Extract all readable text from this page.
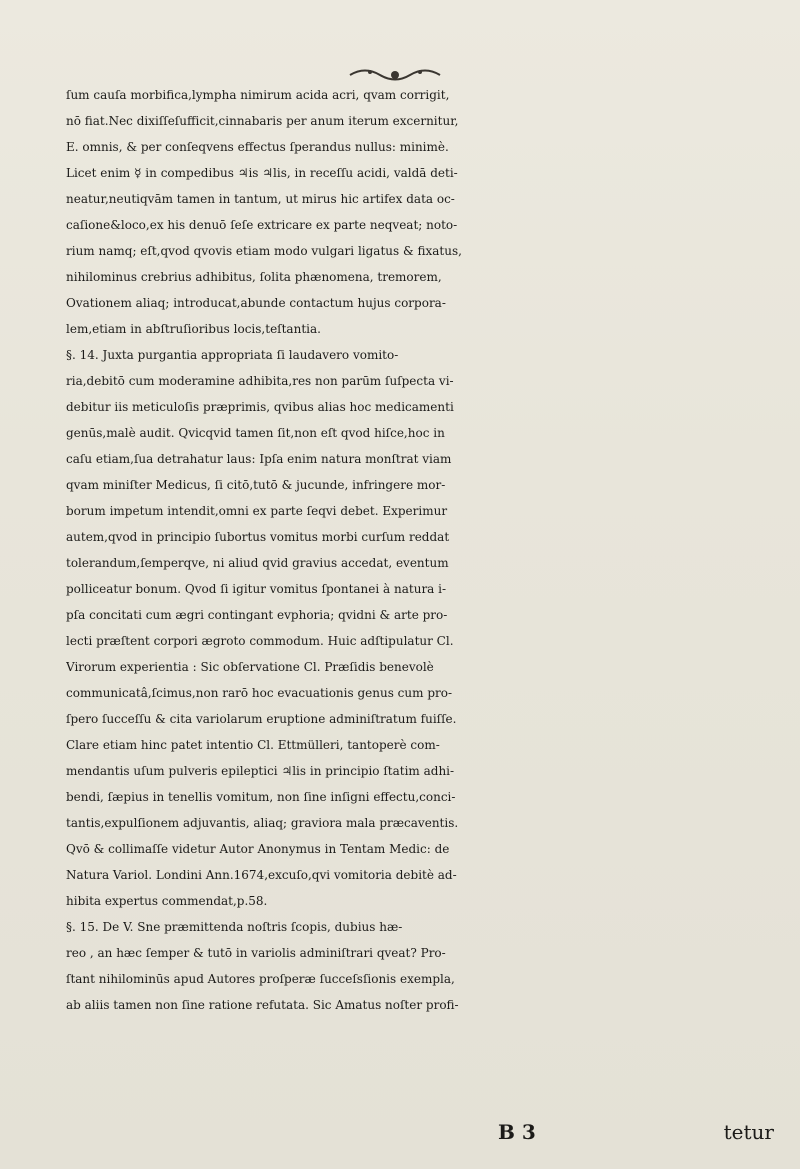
ſum cauſa morbifica,lympha nimirum acida acri, qvam corrigit,
nō fiat.Nec dixiſſeſufficit,cinnabaris per anum iterum excernitur,
E. omnis, & per conſeqvens effectus ſperandus nullus: minimè.
Licet enim ☿ in compedibus ♃is ♃lis, in receſſu acidi, valdā deti-
neatur,neutiqvām tamen in tantum, ut mirus hic artifex data oc-
caſione&loco,ex his denuō ſeſe extricare ex parte neqveat; noto-
rium namq; eſt,qvod qvovis etiam modo vulgari ligatus & fixatus,
nihilominus crebrius adhibitus, ſolita phænomena, tremorem,
Ovationem aliaq; introducat,abunde contactum hujus corpora-
lem,etiam in abſtruſioribus locis,teſtantia.
§. 14. Juxta purgantia appropriata ſi laudavero vomito-
ria,debitō cum moderamine adhibita,res non parūm ſuſpecta vi-
debitur iis meticuloſis præprimis, qvibus alias hoc medicamenti
genūs,malè audit. Qvicqvid tamen ſit,non eſt qvod hiſce,hoc in
caſu etiam,ſua detrahatur laus: Ipſa enim natura monſtrat viam
qvam miniſter Medicus, ſi citō,tutō & jucunde, infringere mor-
borum impetum intendit,omni ex parte ſeqvi debet. Experimur
autem,qvod in principio ſubortus vomitus morbi curſum reddat
tolerandum,ſemperqve, ni aliud qvid gravius accedat, eventum
polliceatur bonum. Qvod ſi igitur vomitus ſpontanei à natura i-
pſa concitati cum ægri contingant evphoria; qvidni & arte pro-
lecti præſtent corpori ægroto commodum. Huic adſtipulatur Cl.
Virorum experientia : Sic obſervatione Cl. Præſidis benevolè
communicatâ,ſcimus,non rarō hoc evacuationis genus cum pro-
ſpero ſucceſſu & cita variolarum eruptione adminiſtratum fuiſſe.
Clare etiam hinc patet intentio Cl. Ettmülleri, tantoperè com-
mendantis uſum pulveris epileptici ♃lis in principio ſtatim adhi-
bendi, ſæpius in tenellis vomitum, non ſine inſigni effectu,conci-
tantis,expulſionem adjuvantis, aliaq; graviora mala præcaventis.
Qvō & collimaſſe videtur Autor Anonymus in Tentam Medic: de
Natura Variol. Londini Ann.1674,excuſo,qvi vomitoria debitè ad-
hibita expertus commendat,p.58.
§. 15. De V. Sne præmittenda noſtris ſcopis, dubius hæ-
reo , an hæc ſemper & tutō in variolis adminiſtrari qveat? Pro-
ſtant nihilominūs apud Autores proſperæ ſucceſsſionis exempla,
ab aliis tamen non ſine ratione refutata. Sic Amatus noſter profi-
B 3	tetur
